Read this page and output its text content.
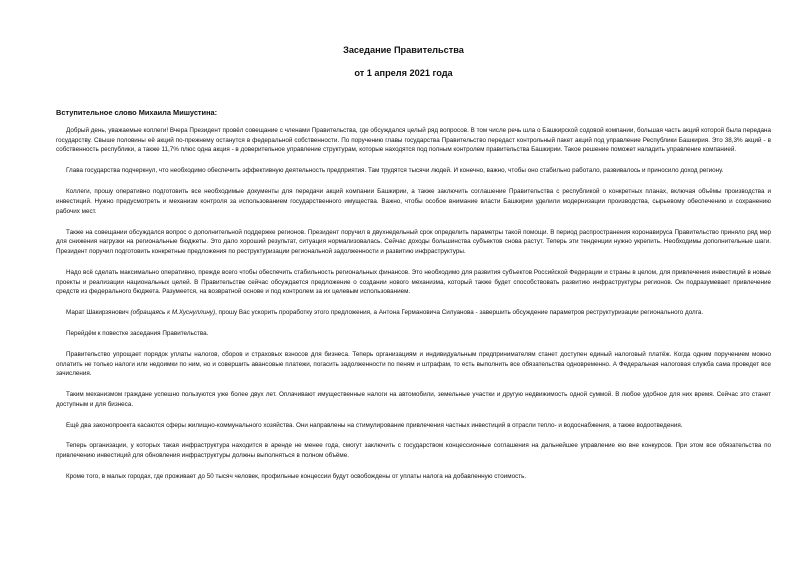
Заседание Правительства
от 1 апреля 2021 года
Вступительное слово Михаила Мишустина:

Добрый день, уважаемые коллеги! Вчера Президент провёл совещание с членами Правительства, где обсуждался целый ряд вопросов. В том числе речь шла о Башкирской содовой компании, большая часть акций которой была передана государству. Свыше половины её акций по-прежнему останутся в федеральной собственности. По поручению главы государства Правительство передаст контрольный пакет акций под управление Республики Башкирия. Это 38,3% акций - в собственность республики, а также 11,7% плюс одна акция - в доверительное управление структурам, которые находятся под полным контролем правительства Башкирии. Такое решение поможет наладить управление компанией.

Глава государства подчеркнул, что необходимо обеспечить эффективную деятельность предприятия. Там трудятся тысячи людей. И конечно, важно, чтобы оно стабильно работало, развивалось и приносило доход региону.

Коллеги, прошу оперативно подготовить все необходимые документы для передачи акций компании Башкирии, а также заключить соглашение Правительства с республикой о конкретных планах, включая объёмы производства и инвестиций. Нужно предусмотреть и механизм контроля за использованием государственного имущества. Важно, чтобы особое внимание власти Башкирии уделили модернизации производства, сырьевому обеспечению и сохранению рабочих мест.

Также на совещании обсуждался вопрос о дополнительной поддержке регионов. Президент поручил в двухнедельный срок определить параметры такой помощи. В период распространения коронавируса Правительство приняло ряд мер для снижения нагрузки на региональные бюджеты. Это дало хороший результат, ситуация нормализовалась. Сейчас доходы большинства субъектов снова растут. Теперь эти тенденции нужно укрепить. Необходимы дополнительные шаги. Президент поручил подготовить конкретные предложения по реструктуризации региональной задолженности и развитию инфраструктуры.

Надо всё сделать максимально оперативно, прежде всего чтобы обеспечить стабильность региональных финансов. Это необходимо для развития субъектов Российской Федерации и страны в целом, для привлечения инвестиций в новые проекты и реализации национальных целей. В Правительстве сейчас обсуждается предложение о создании нового механизма, который также будет способствовать развитию инфраструктуры регионов. Он подразумевает привлечение средств из федерального бюджета. Разумеется, на возвратной основе и под контролем за их целевым использованием.

Марат Шакирзянович (обращаясь к М.Хуснуллину), прошу Вас ускорить проработку этого предложения, а Антона Германовича Силуанова - завершить обсуждение параметров реструктуризации регионального долга.

Перейдём к повестке заседания Правительства.

Правительство упрощает порядок уплаты налогов, сборов и страховых взносов для бизнеса. Теперь организациям и индивидуальным предпринимателям станет доступен единый налоговый платёж. Когда одним поручением можно оплатить не только налоги или недоимки по ним, но и совершить авансовые платежи, погасить задолженности по пеням и штрафам, то есть выполнить все обязательства одновременно. А Федеральная налоговая служба сама проведет все зачисления.

Таким механизмом граждане успешно пользуются уже более двух лет. Оплачивают имущественные налоги на автомобили, земельные участки и другую недвижимость одной суммой. В любое удобное для них время. Сейчас это станет доступным и для бизнеса.

Ещё два законопроекта касаются сферы жилищно-коммунального хозяйства. Они направлены на стимулирование привлечения частных инвестиций в отрасли тепло- и водоснабжения, а также водоотведения.

Теперь организации, у которых такая инфраструктура находится в аренде не менее года, смогут заключить с государством концессионные соглашения на дальнейшее управление ею вне конкурсов. При этом все обязательства по привлечению инвестиций для обновления инфраструктуры должны выполняться в полном объёме.

Кроме того, в малых городах, где проживает до 50 тысяч человек, профильные концессии будут освобождены от уплаты налога на добавленную стоимость.
